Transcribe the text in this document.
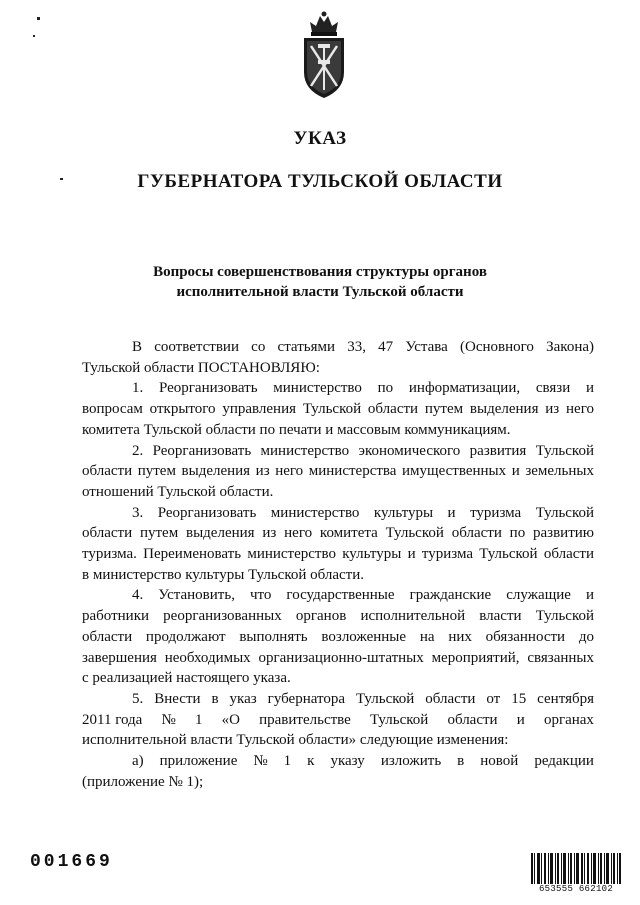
УКАЗ
ГУБЕРНАТОРА ТУЛЬСКОЙ ОБЛАСТИ
Вопросы совершенствования структуры органов
исполнительной власти Тульской области

В соответствии со статьями 33, 47 Устава (Основного Закона)

Тульской области ПОСТАНОВЛЯЮ:

1. Реорганизовать министерство по информатизации, связи и

вопросам открытого управления Тульской области путем выделения из него

комитета Тульской области по печати и массовым коммуникациям.

2. Реорганизовать министерство экономического развития Тульской

области путем выделения из него министерства имущественных и земельных

отношений Тульской области.

3. Реорганизовать министерство культуры и туризма Тульской

области путем выделения из него комитета Тульской области по развитию

туризма. Переименовать министерство культуры и туризма Тульской области

в министерство культуры Тульской области.

4. Установить, что государственные гражданские служащие и

работники реорганизованных органов исполнительной власти Тульской

области продолжают выполнять возложенные на них обязанности до

завершения необходимых организационно-штатных мероприятий, связанных

с реализацией настоящего указа.

5. Внести в указ губернатора Тульской области от 15 сентября

2011 года № 1 «О правительстве Тульской области и органах

исполнительной власти Тульской области» следующие изменения:

а) приложение № 1 к указу изложить в новой редакции

(приложение № 1);

001669
653555 662102
